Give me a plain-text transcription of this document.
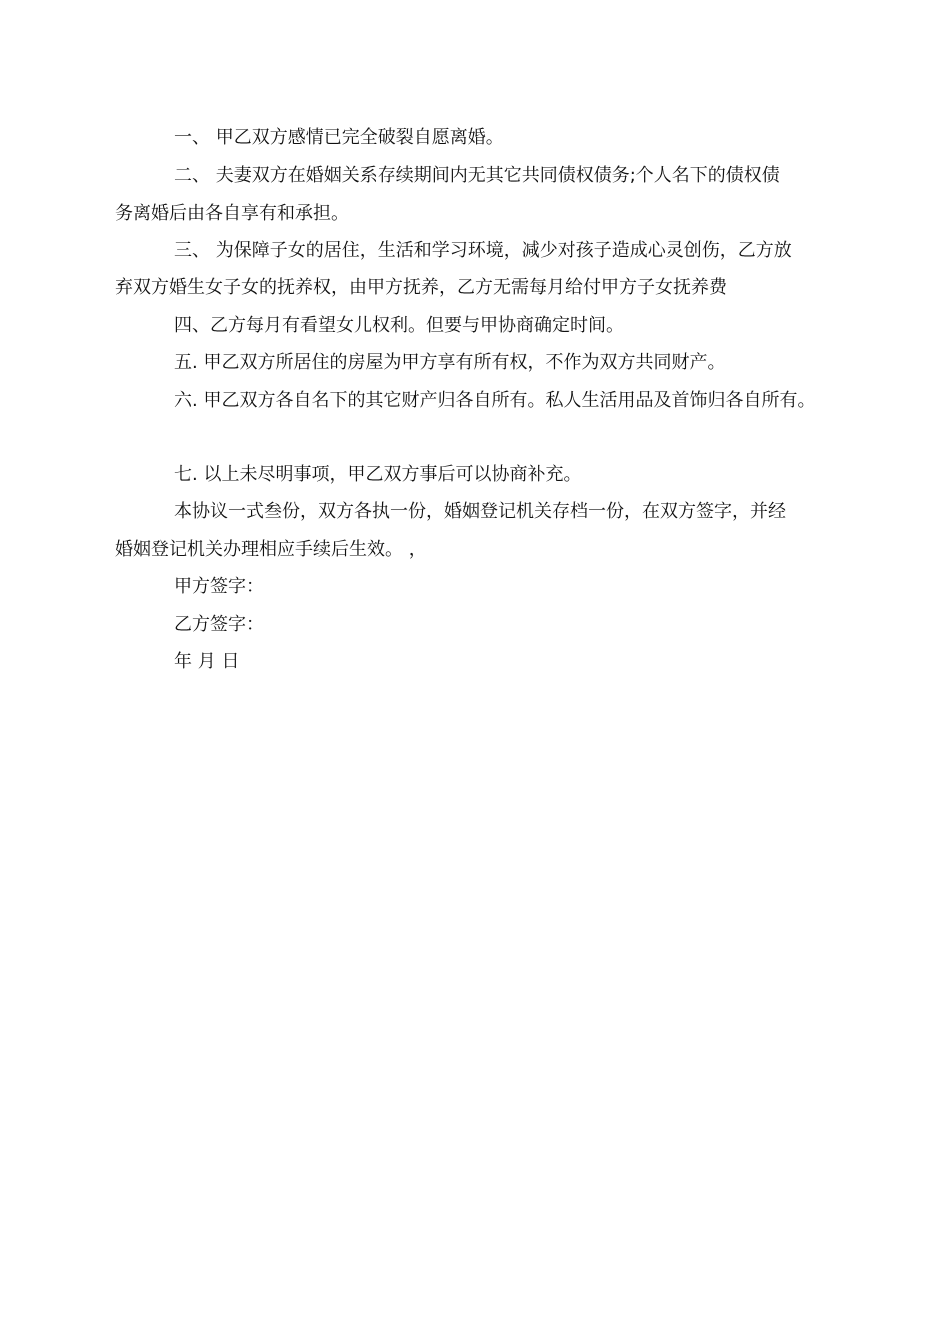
一、 甲乙双方感情已完全破裂自愿离婚。
二、 夫妻双方在婚姻关系存续期间内无其它共同债权债务;个人名下的债权债
务离婚后由各自享有和承担。
三、 为保障子女的居住，生活和学习环境，减少对孩子造成心灵创伤，乙方放
弃双方婚生女子女的抚养权，由甲方抚养，乙方无需每月给付甲方子女抚养费
四、乙方每月有看望女儿权利。但要与甲协商确定时间。
五. 甲乙双方所居住的房屋为甲方享有所有权，不作为双方共同财产。
六. 甲乙双方各自名下的其它财产归各自所有。私人生活用品及首饰归各自所有。
七. 以上未尽明事项，甲乙双方事后可以协商补充。
本协议一式叁份，双方各执一份，婚姻登记机关存档一份，在双方签字，并经
婚姻登记机关办理相应手续后生效。 ，
甲方签字：
乙方签字：
年 月 日
